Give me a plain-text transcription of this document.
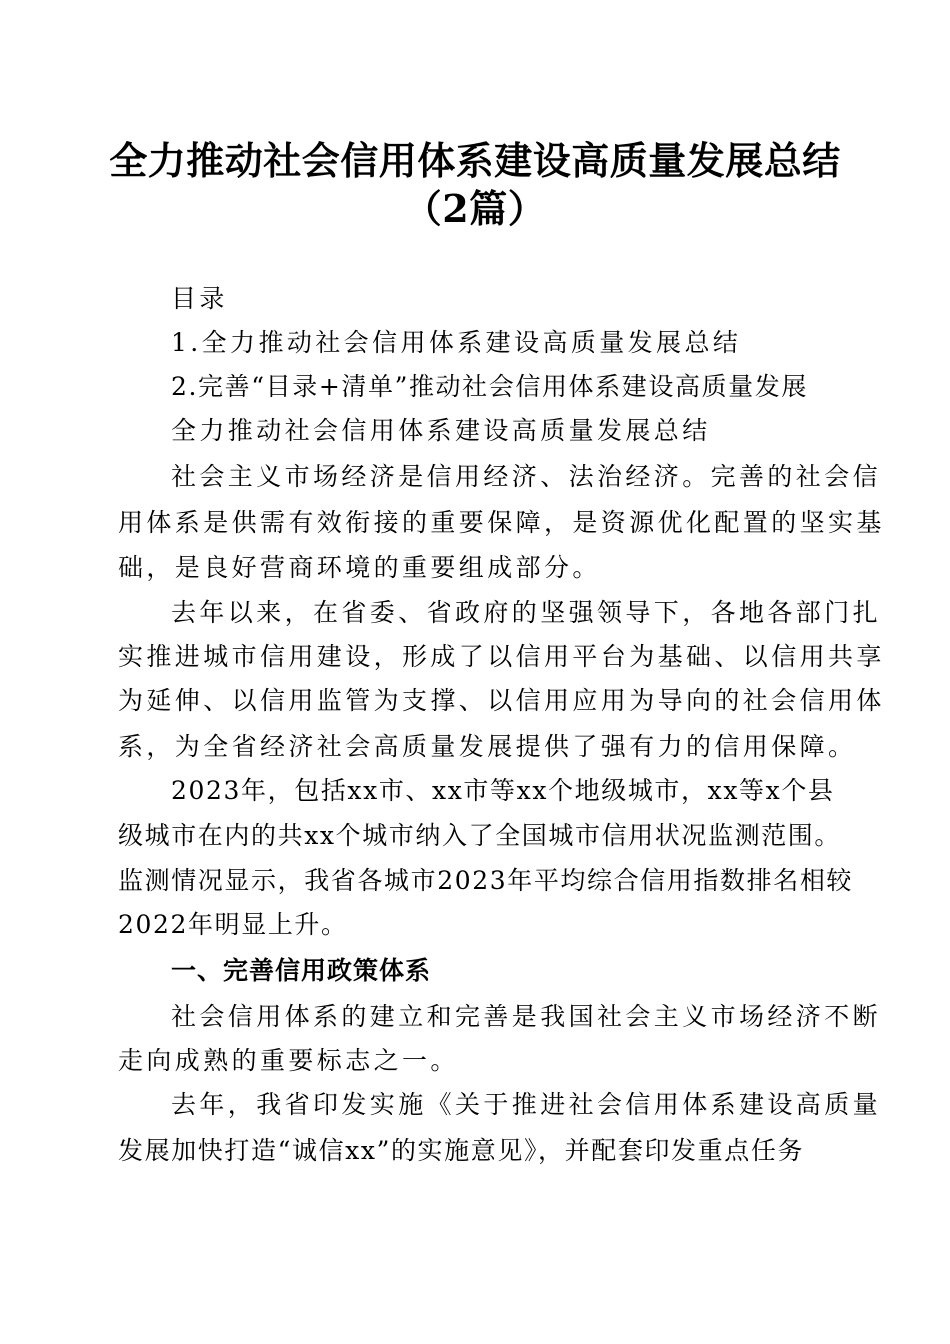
全力推动社会信用体系建设高质量发展总结
（2篇）
目录
1.全力推动社会信用体系建设高质量发展总结
2.完善“目录+清单”推动社会信用体系建设高质量发展
全力推动社会信用体系建设高质量发展总结
社会主义市场经济是信用经济、法治经济。完善的社会信
用体系是供需有效衔接的重要保障，是资源优化配置的坚实基
础，是良好营商环境的重要组成部分。
去年以来，在省委、省政府的坚强领导下，各地各部门扎
实推进城市信用建设，形成了以信用平台为基础、以信用共享
为延伸、以信用监管为支撑、以信用应用为导向的社会信用体
系，为全省经济社会高质量发展提供了强有力的信用保障。
2023年，包括xx市、xx市等xx个地级城市，xx等x个县
级城市在内的共xx个城市纳入了全国城市信用状况监测范围。
监测情况显示，我省各城市2023年平均综合信用指数排名相较
2022年明显上升。
一、完善信用政策体系
社会信用体系的建立和完善是我国社会主义市场经济不断
走向成熟的重要标志之一。
去年，我省印发实施《关于推进社会信用体系建设高质量
发展加快打造“诚信xx”的实施意见》，并配套印发重点任务
